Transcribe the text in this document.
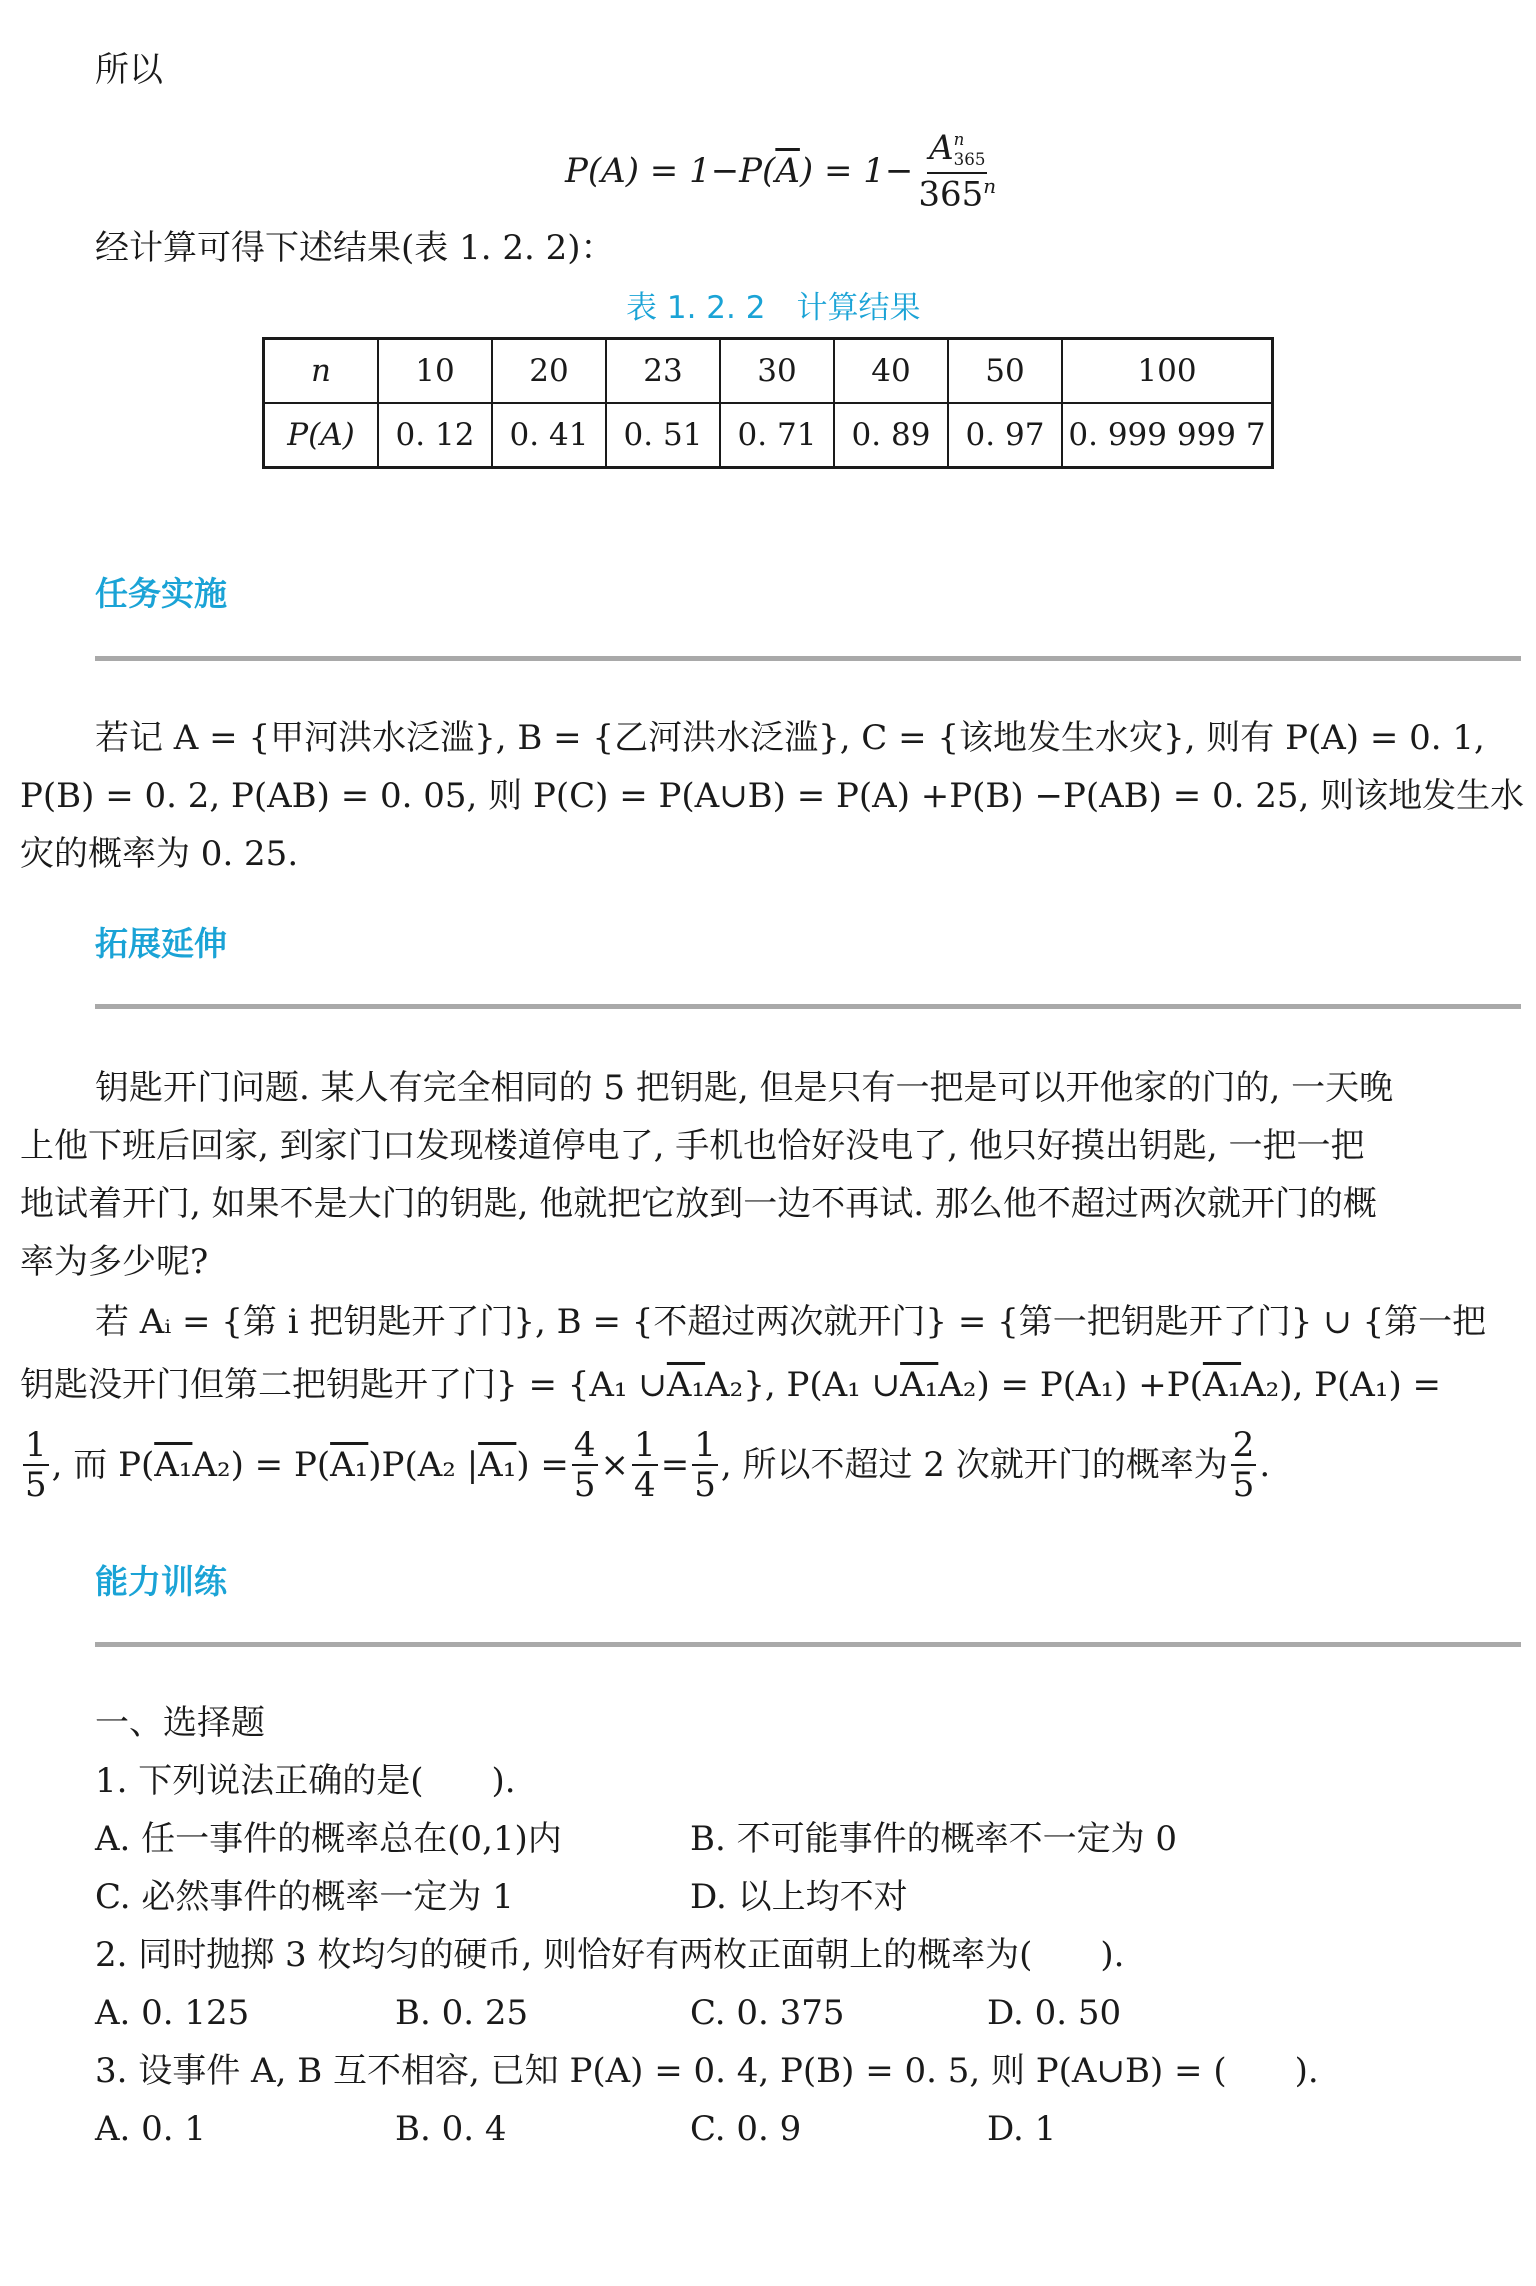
所以
P(A) = 1−P( $\overline{A}$ ) = 1− A n
365
365$^n$
经计算可得下述结果(表 1. 2. 2)：
表 1. 2. 2　计算结果
n	10	20	23	30	40	50	100
P(A)	0. 12	0. 41	0. 51	0. 71	0. 89	0. 97	0. 999 999 7
任务实施
若记 A = {甲河洪水泛滥}, B = {乙河洪水泛滥}, C = {该地发生水灾}, 则有 P(A) = 0. 1,
P(B) = 0. 2, P(AB) = 0. 05, 则 P(C) = P(A∪B) = P(A) +P(B) −P(AB) = 0. 25, 则该地发生水
灾的概率为 0. 25.
拓展延伸
钥匙开门问题. 某人有完全相同的 5 把钥匙, 但是只有一把是可以开他家的门的, 一天晚
上他下班后回家, 到家门口发现楼道停电了, 手机也恰好没电了, 他只好摸出钥匙, 一把一把
地试着开门, 如果不是大门的钥匙, 他就把它放到一边不再试. 那么他不超过两次就开门的概
率为多少呢?
若 Aᵢ = {第 i 把钥匙开了门}, B = {不超过两次就开门} = {第一把钥匙开了门} ∪ {第一把
钥匙没开门但第二把钥匙开了门} = {A₁ ∪A₁A₂}, P(A₁ ∪A₁A₂) = P(A₁) +P(A₁A₂), P(A₁) =
$\frac{1}{5}$ , 而 P( A₁ A₂) = P( A₁ )P(A₂ | A₁ ) = $\frac{4}{5} \times \frac{1}{4} = \frac{1}{5}$ , 所以不超过 2 次就开门的概率为 $\frac{2}{5}$ .
能力训练
一、选择题
1. 下列说法正确的是(　　).
A. 任一事件的概率总在(0,1)内	B. 不可能事件的概率不一定为 0
C. 必然事件的概率一定为 1	D. 以上均不对
2. 同时抛掷 3 枚均匀的硬币, 则恰好有两枚正面朝上的概率为(　　).
A. 0. 125	B. 0. 25	C. 0. 375	D. 0. 50
3. 设事件 A, B 互不相容, 已知 P(A) = 0. 4, P(B) = 0. 5, 则 P(A∪B) = (　　).
A. 0. 1	B. 0. 4	C. 0. 9	D. 1
